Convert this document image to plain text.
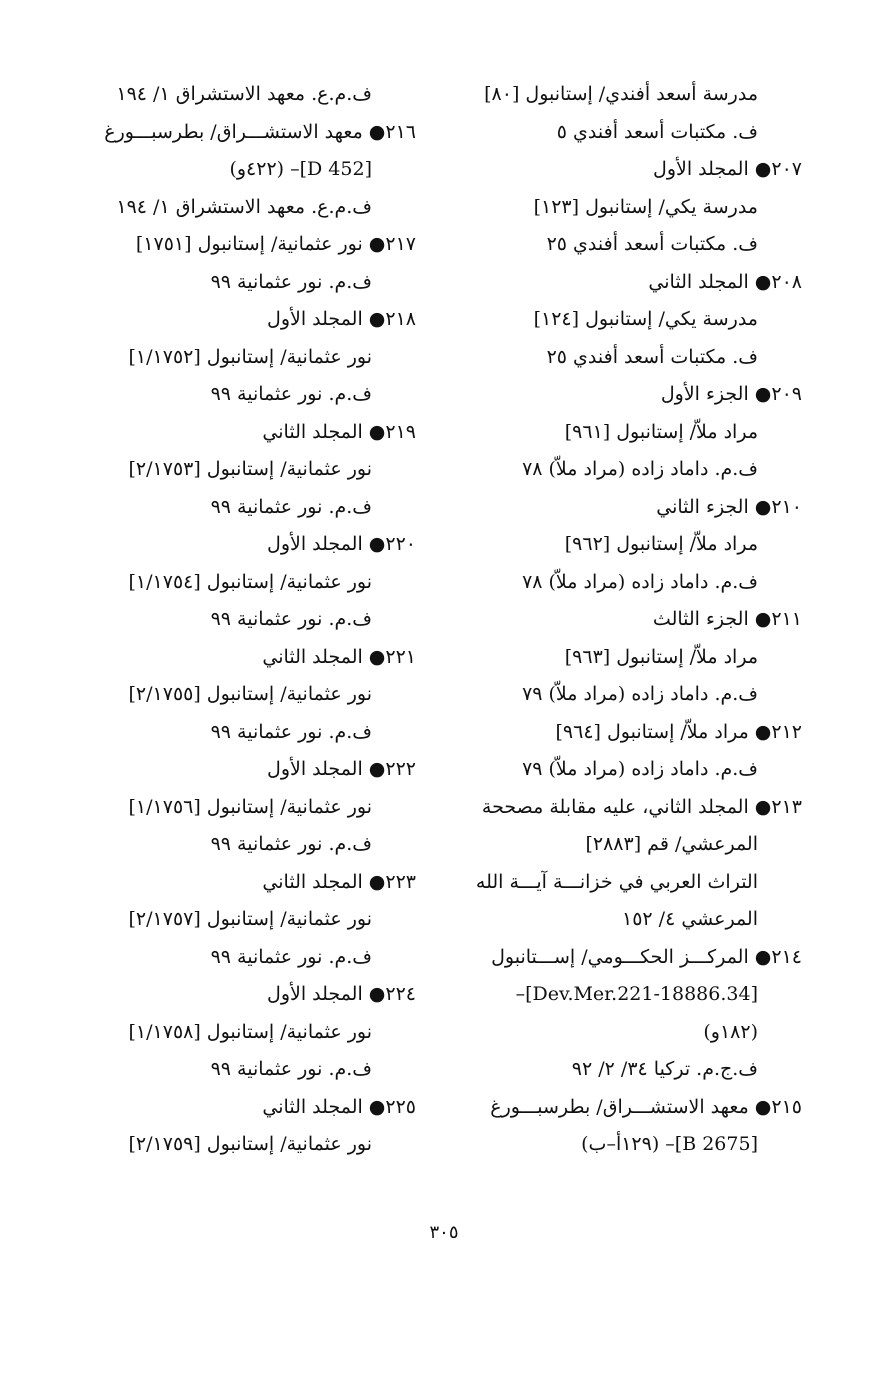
مدرسة أسعد أفندي/ إستانبول [٨٠]
ف. مكتبات أسعد أفندي ٥
٢٠٧● المجلد الأول
مدرسة يكي/ إستانبول [١٢٣]
ف. مكتبات أسعد أفندي ٢٥
٢٠٨● المجلد الثاني
مدرسة يكي/ إستانبول [١٢٤]
ف. مكتبات أسعد أفندي ٢٥
٢٠٩● الجزء الأول
مراد ملاّ/ إستانبول [٩٦١]
ف.م. داماد زاده (مراد ملاّ) ٧٨
٢١٠● الجزء الثاني
مراد ملاّ/ إستانبول [٩٦٢]
ف.م. داماد زاده (مراد ملاّ) ٧٨
٢١١● الجزء الثالث
مراد ملاّ/ إستانبول [٩٦٣]
ف.م. داماد زاده (مراد ملاّ) ٧٩
٢١٢● مراد ملاّ/ إستانبول [٩٦٤]
ف.م. داماد زاده (مراد ملاّ) ٧٩
٢١٣● المجلد الثاني، عليه مقابلة مصححة
المرعشي/ قم [٢٨٨٣]
التراث العربي في خزانـــة آيـــة الله
المرعشي ٤/ ١٥٢
٢١٤● المركـــز الحكـــومي/ إســـتانبول
[34.Dev.Mer.221-18886]–
(١٨٢و)
ف.ج.م. تركيا ٣٤/ ٢/ ٩٢
٢١٥● معهد الاستشـــراق/ بطرسبـــورغ
[B 2675]– (١٢٩أ–ب)
ف.م.ع. معهد الاستشراق ١/ ١٩٤
٢١٦● معهد الاستشـــراق/ بطرسبـــورغ
[D 452]– (٤٢٢و)
ف.م.ع. معهد الاستشراق ١/ ١٩٤
٢١٧● نور عثمانية/ إستانبول [١٧٥١]
ف.م. نور عثمانية ٩٩
٢١٨● المجلد الأول
نور عثمانية/ إستانبول [١/١٧٥٢]
ف.م. نور عثمانية ٩٩
٢١٩● المجلد الثاني
نور عثمانية/ إستانبول [٢/١٧٥٣]
ف.م. نور عثمانية ٩٩
٢٢٠● المجلد الأول
نور عثمانية/ إستانبول [١/١٧٥٤]
ف.م. نور عثمانية ٩٩
٢٢١● المجلد الثاني
نور عثمانية/ إستانبول [٢/١٧٥٥]
ف.م. نور عثمانية ٩٩
٢٢٢● المجلد الأول
نور عثمانية/ إستانبول [١/١٧٥٦]
ف.م. نور عثمانية ٩٩
٢٢٣● المجلد الثاني
نور عثمانية/ إستانبول [٢/١٧٥٧]
ف.م. نور عثمانية ٩٩
٢٢٤● المجلد الأول
نور عثمانية/ إستانبول [١/١٧٥٨]
ف.م. نور عثمانية ٩٩
٢٢٥● المجلد الثاني
نور عثمانية/ إستانبول [٢/١٧٥٩]
٣٠٥
